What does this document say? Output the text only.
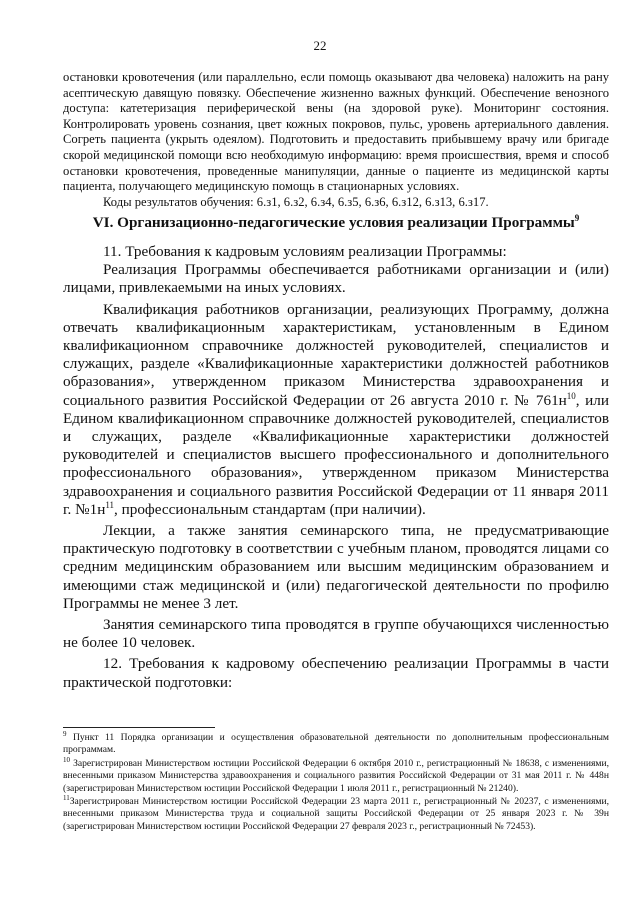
22

остановки кровотечения (или параллельно, если помощь оказывают два человека) наложить на рану асептическую давящую повязку. Обеспечение жизненно важных функций. Обеспечение венозного доступа: катетеризация периферической вены (на здоровой руке). Мониторинг состояния. Контролировать уровень сознания, цвет кожных покровов, пульс, уровень артериального давления. Согреть пациента (укрыть одеялом). Подготовить и предоставить прибывшему врачу или бригаде скорой медицинской помощи всю необходимую информацию: время происшествия, время и способ остановки кровотечения, проведенные манипуляции, данные о пациенте из медицинской карты пациента, получающего медицинскую помощь в стационарных условиях.

Коды результатов обучения: 6.з1, 6.з2, 6.з4, 6.з5, 6.з6, 6.з12, 6.з13, 6.з17.

VI. Организационно-педагогические условия реализации Программы$^9$

11. Требования к кадровым условиям реализации Программы:

Реализация Программы обеспечивается работниками организации и (или) лицами, привлекаемыми на иных условиях.

Квалификация работников организации, реализующих Программу, должна отвечать квалификационным характеристикам, установленным в Едином квалификационном справочнике должностей руководителей, специалистов и служащих, разделе «Квалификационные характеристики должностей работников образования», утвержденном приказом Министерства здравоохранения и социального развития Российской Федерации от 26 августа 2010 г. № $761н^{10}$, или Едином квалификационном справочнике должностей руководителей, специалистов и служащих, разделе «Квалификационные характеристики должностей руководителей и специалистов высшего профессионального и дополнительного профессионального образования», утвержденном приказом Министерства здравоохранения и социального развития Российской Федерации от 11 января 2011 г. $№1н^{11}$, профессиональным стандартам (при наличии).

Лекции, а также занятия семинарского типа, не предусматривающие практическую подготовку в соответствии с учебным планом, проводятся лицами со средним медицинским образованием или высшим медицинским образованием и имеющими стаж медицинской и (или) педагогической деятельности по профилю Программы не менее 3 лет.

Занятия семинарского типа проводятся в группе обучающихся численностью не более 10 человек.

12. Требования к кадровому обеспечению реализации Программы в части практической подготовки:

$^9$ Пункт 11 Порядка организации и осуществления образовательной деятельности по дополнительным профессиональным программам.

$^{10}$ Зарегистрирован Министерством юстиции Российской Федерации 6 октября 2010 г., регистрационный № 18638, с изменениями, внесенными приказом Министерства здравоохранения и социального развития Российской Федерации от 31 мая 2011 г. № 448н (зарегистрирован Министерством юстиции Российской Федерации 1 июля 2011 г., регистрационный № 21240).

$^{11}$Зарегистрирован Министерством юстиции Российской Федерации 23 марта 2011 г., регистрационный № 20237, с изменениями, внесенными приказом Министерства труда и социальной защиты Российской Федерации от 25 января 2023 г. № 39н (зарегистрирован Министерством юстиции Российской Федерации 27 февраля 2023 г., регистрационный № 72453).
